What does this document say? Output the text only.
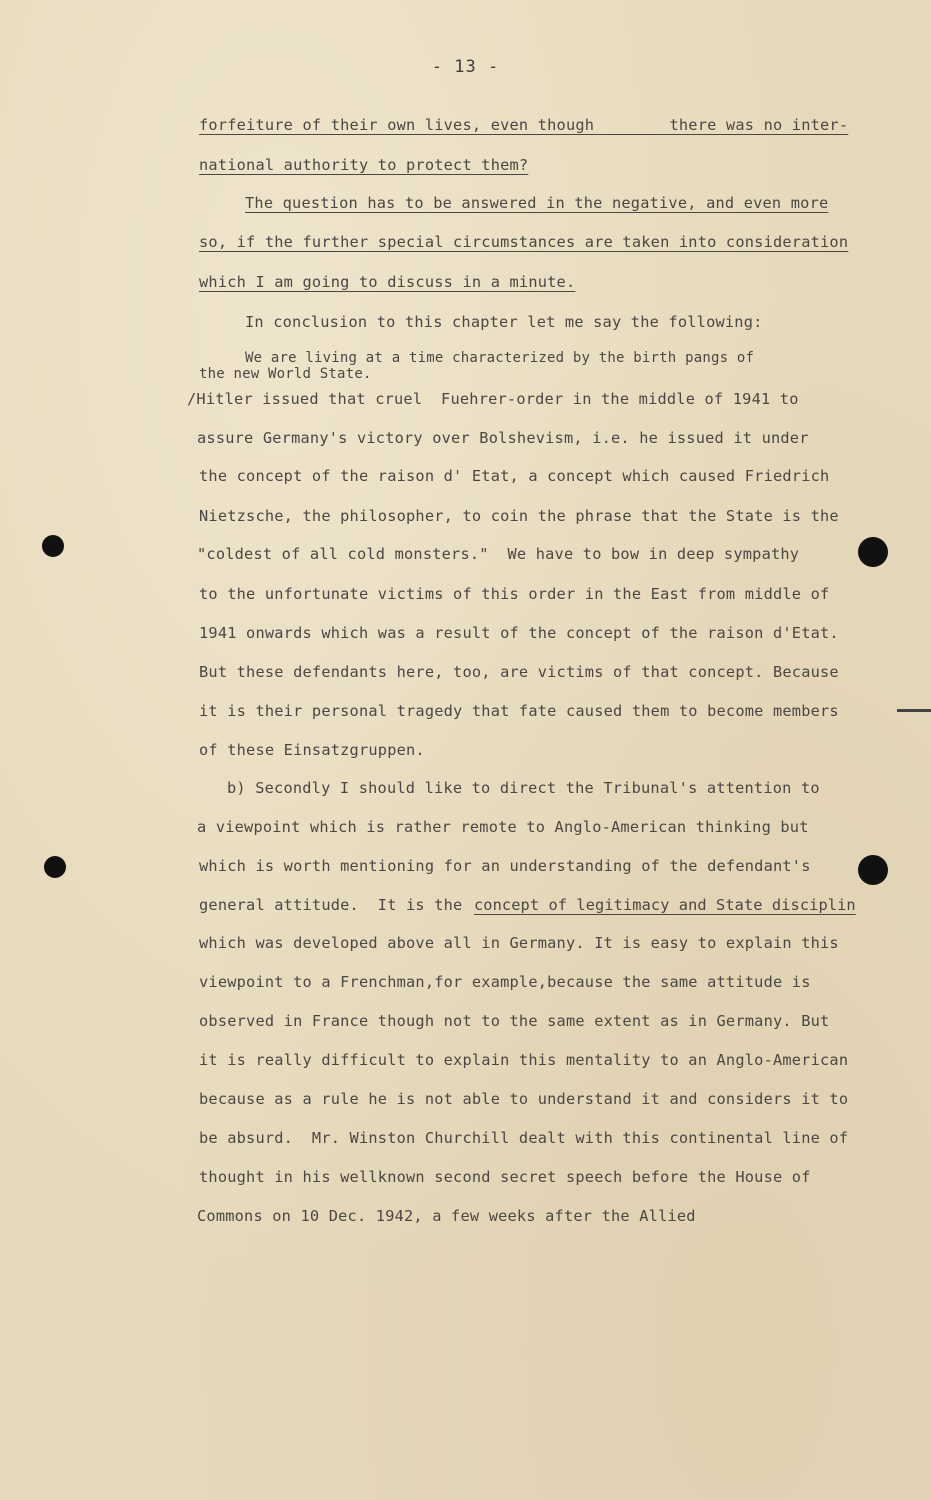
- 13 -
forfeiture of their own lives, even though        there was no inter-
national authority to protect them?
The question has to be answered in the negative, and even more
so, if the further special circumstances are taken into consideration
which I am going to discuss in a minute.
In conclusion to this chapter let me say the following:
We are living at a time characterized by the birth pangs of
the new World State.
/Hitler issued that cruel  Fuehrer-order in the middle of 1941 to
assure Germany's victory over Bolshevism, i.e. he issued it under
the concept of the raison d' Etat, a concept which caused Friedrich
Nietzsche, the philosopher, to coin the phrase that the State is the
"coldest of all cold monsters."  We have to bow in deep sympathy
to the unfortunate victims of this order in the East from middle of
1941 onwards which was a result of the concept of the raison d'Etat.
But these defendants here, too, are victims of that concept. Because
it is their personal tragedy that fate caused them to become members
of these Einsatzgruppen.
b) Secondly I should like to direct the Tribunal's attention to
a viewpoint which is rather remote to Anglo-American thinking but
which is worth mentioning for an understanding of the defendant's
general attitude.  It is the concept of legitimacy and State disciplin
which was developed above all in Germany. It is easy to explain this
viewpoint to a Frenchman,for example,because the same attitude is
observed in France though not to the same extent as in Germany. But
it is really difficult to explain this mentality to an Anglo-American
because as a rule he is not able to understand it and considers it to
be absurd.  Mr. Winston Churchill dealt with this continental line of
thought in his wellknown second secret speech before the House of
Commons on 10 Dec. 1942, a few weeks after the Allied
